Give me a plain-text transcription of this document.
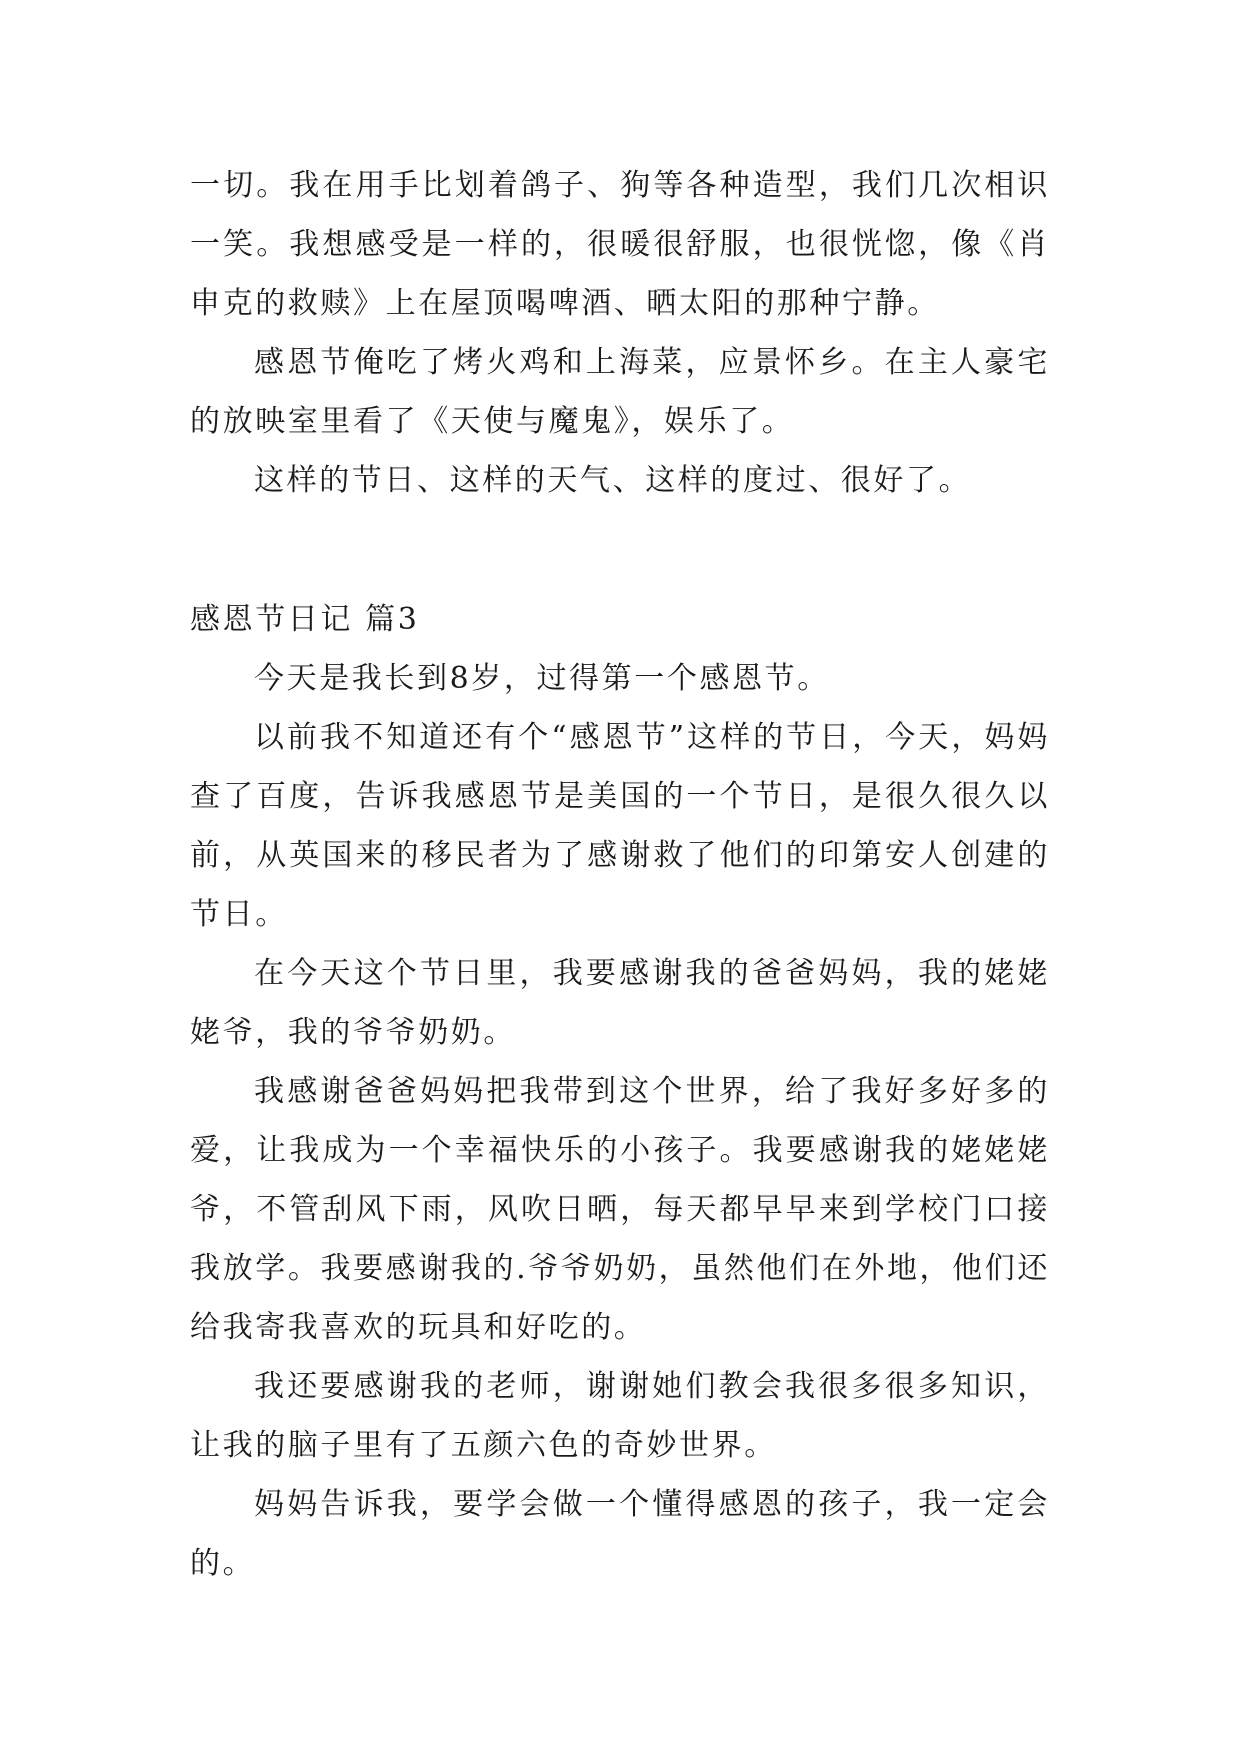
一切。我在用手比划着鸽子、狗等各种造型，我们几次相识一笑。我想感受是一样的，很暖很舒服，也很恍惚，像《肖申克的救赎》上在屋顶喝啤酒、晒太阳的那种宁静。

感恩节俺吃了烤火鸡和上海菜，应景怀乡。在主人豪宅的放映室里看了《天使与魔鬼》，娱乐了。

这样的节日、这样的天气、这样的度过、很好了。

感恩节日记 篇3

今天是我长到8岁，过得第一个感恩节。

以前我不知道还有个“感恩节”这样的节日，今天，妈妈查了百度，告诉我感恩节是美国的一个节日，是很久很久以前，从英国来的移民者为了感谢救了他们的印第安人创建的节日。

在今天这个节日里，我要感谢我的爸爸妈妈，我的姥姥姥爷，我的爷爷奶奶。

我感谢爸爸妈妈把我带到这个世界，给了我好多好多的爱，让我成为一个幸福快乐的小孩子。我要感谢我的姥姥姥爷，不管刮风下雨，风吹日晒，每天都早早来到学校门口接我放学。我要感谢我的.爷爷奶奶，虽然他们在外地，他们还给我寄我喜欢的玩具和好吃的。

我还要感谢我的老师，谢谢她们教会我很多很多知识，让我的脑子里有了五颜六色的奇妙世界。

妈妈告诉我，要学会做一个懂得感恩的孩子，我一定会的。
